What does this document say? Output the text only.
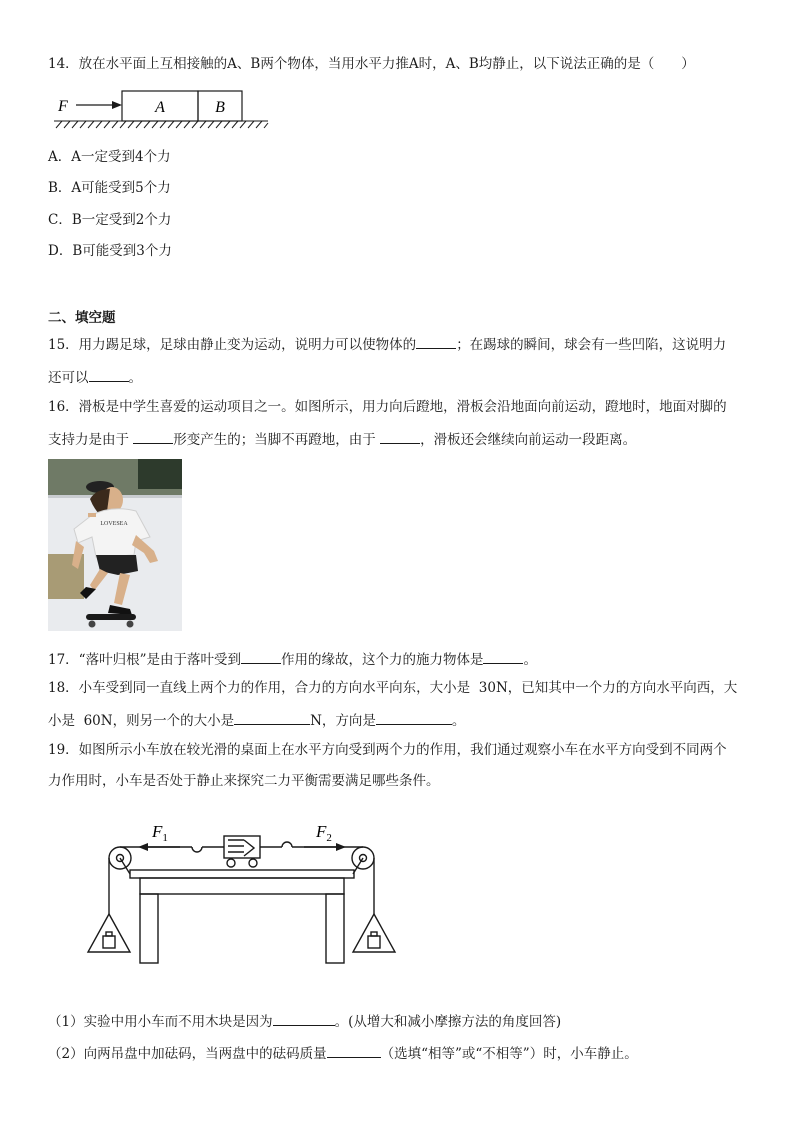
14．放在水平面上互相接触的A、B两个物体，当用水平力推A时，A、B均静止，以下说法正确的是（　　）
A	B
F
A．A一定受到4个力
B．A可能受到5个力
C．B一定受到2个力
D．B可能受到3个力
二、填空题
15．用力踢足球，足球由静止变为运动，说明力可以使物体的	；在踢球的瞬间，球会有一些凹陷，这说明力
还可以	。
16．滑板是中学生喜爱的运动项目之一。如图所示，用力向后蹬地，滑板会沿地面向前运动，蹬地时，地面对脚的
支持力是由于	形变产生的；当脚不再蹬地，由于	，滑板还会继续向前运动一段距离。
LOVESEA
17．“落叶归根”是由于落叶受到	作用的缘故，这个力的施力物体是	。
18．小车受到同一直线上两个力的作用，合力的方向水平向东，大小是  30N，已知其中一个力的方向水平向西，大
小是  60N，则另一个的大小是	N，方向是	。
19．如图所示小车放在较光滑的桌面上在水平方向受到两个力的作用，我们通过观察小车在水平方向受到不同两个
力作用时，小车是否处于静止来探究二力平衡需要满足哪些条件。
$F_1$	$F_2$
（1）实验中用小车而不用木块是因为	。(从增大和减小摩擦方法的角度回答)
（2）向两吊盘中加砝码，当两盘中的砝码质量	（选填“相等”或“不相等”）时，小车静止。
